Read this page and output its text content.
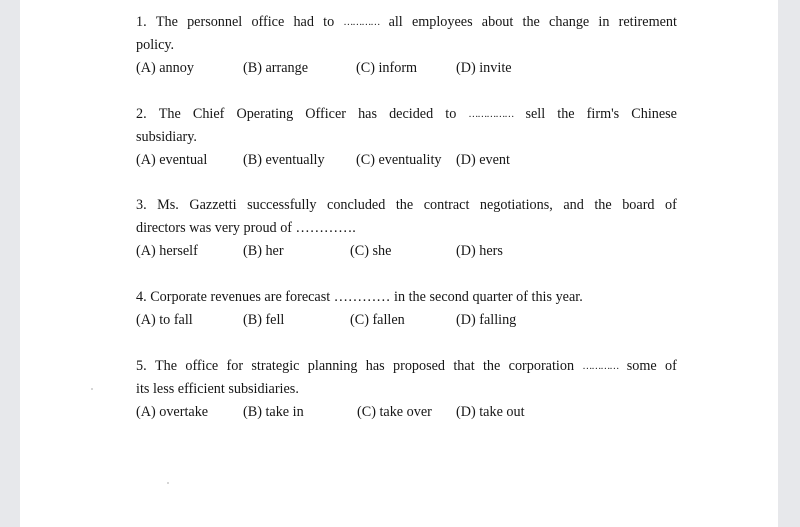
1. The personnel office had to ………… all employees about the change in retirement
policy.
(A) annoy	(B) arrange	(C) inform	(D) invite
2. The Chief Operating Officer has decided to …………… sell the firm's Chinese
subsidiary.
(A) eventual	(B) eventually (C) eventuality (D) event
3. Ms. Gazzetti successfully concluded the contract negotiations, and the board of
directors was very proud of ………….
(A) herself	(B) her	(C) she	(D) hers
4. Corporate revenues are forecast ………… in the second quarter of this year.
(A) to fall	(B) fell	(C) fallen	(D) falling
5. The office for strategic planning has proposed that the corporation ………… some of
its less efficient subsidiaries.
(A) overtake (B) take in	(C) take over (D) take out
